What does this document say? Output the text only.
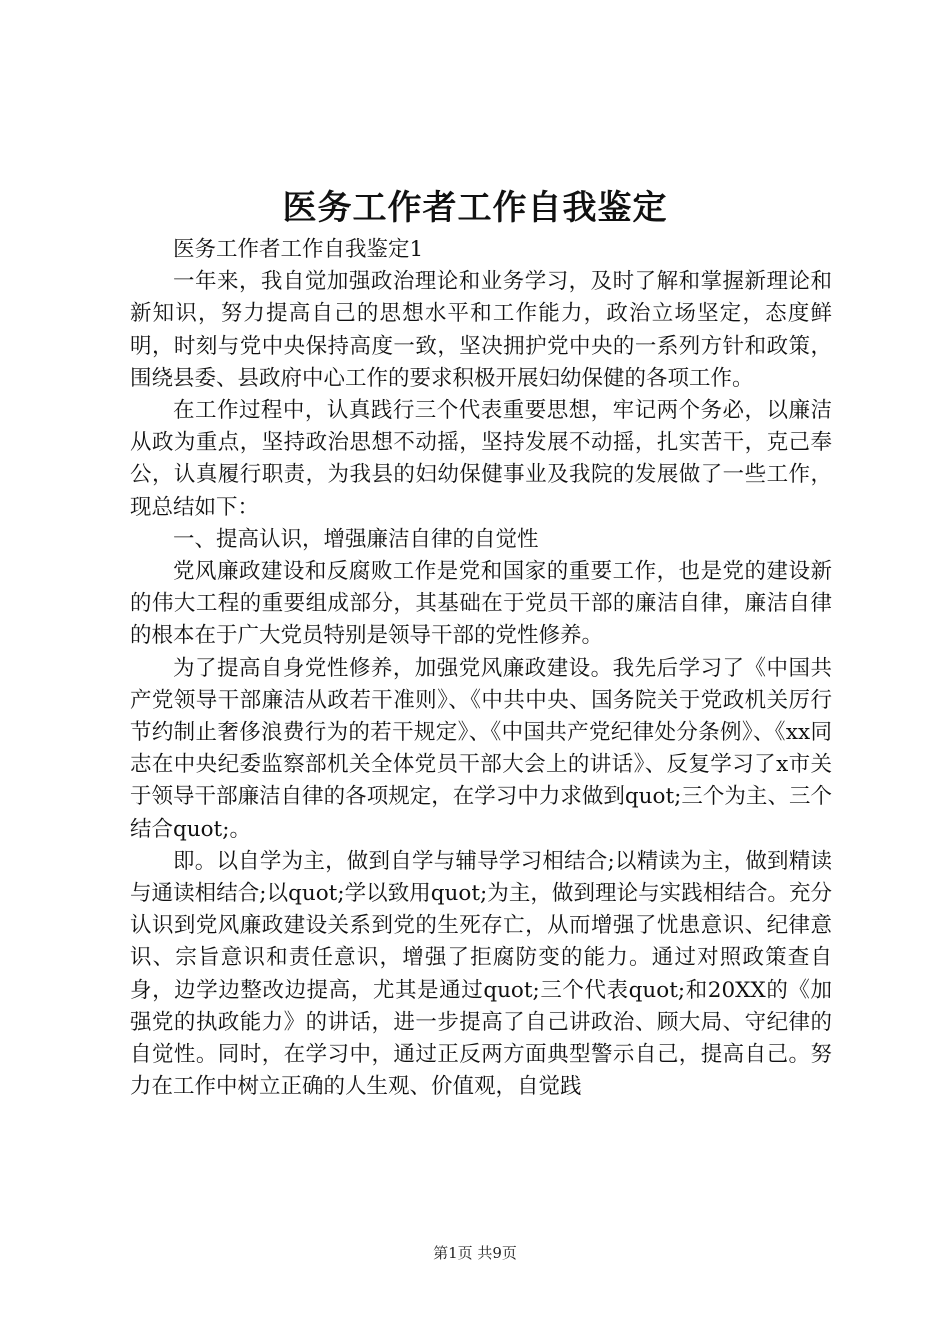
医务工作者工作自我鉴定

医务工作者工作自我鉴定1

一年来，我自觉加强政治理论和业务学习，及时了解和掌握新理论和新知识，努力提高自己的思想水平和工作能力，政治立场坚定，态度鲜明，时刻与党中央保持高度一致，坚决拥护党中央的一系列方针和政策，围绕县委、县政府中心工作的要求积极开展妇幼保健的各项工作。

在工作过程中，认真践行三个代表重要思想，牢记两个务必，以廉洁从政为重点，坚持政治思想不动摇，坚持发展不动摇，扎实苦干，克己奉公，认真履行职责，为我县的妇幼保健事业及我院的发展做了一些工作，现总结如下：

一、提高认识，增强廉洁自律的自觉性

党风廉政建设和反腐败工作是党和国家的重要工作，也是党的建设新的伟大工程的重要组成部分，其基础在于党员干部的廉洁自律，廉洁自律的根本在于广大党员特别是领导干部的党性修养。

为了提高自身党性修养，加强党风廉政建设。我先后学习了《中国共产党领导干部廉洁从政若干准则》、《中共中央、国务院关于党政机关厉行节约制止奢侈浪费行为的若干规定》、《中国共产党纪律处分条例》、《xx同志在中央纪委监察部机关全体党员干部大会上的讲话》、反复学习了x市关于领导干部廉洁自律的各项规定，在学习中力求做到quot;三个为主、三个结合quot;。

即。以自学为主，做到自学与辅导学习相结合;以精读为主，做到精读与通读相结合;以quot;学以致用quot;为主，做到理论与实践相结合。充分认识到党风廉政建设关系到党的生死存亡，从而增强了忧患意识、纪律意识、宗旨意识和责任意识，增强了拒腐防变的能力。通过对照政策查自身，边学边整改边提高，尤其是通过quot;三个代表quot;和20XX的《加强党的执政能力》的讲话，进一步提高了自己讲政治、顾大局、守纪律的自觉性。同时，在学习中，通过正反两方面典型警示自己，提高自己。努力在工作中树立正确的人生观、价值观，自觉践

第1页 共9页
